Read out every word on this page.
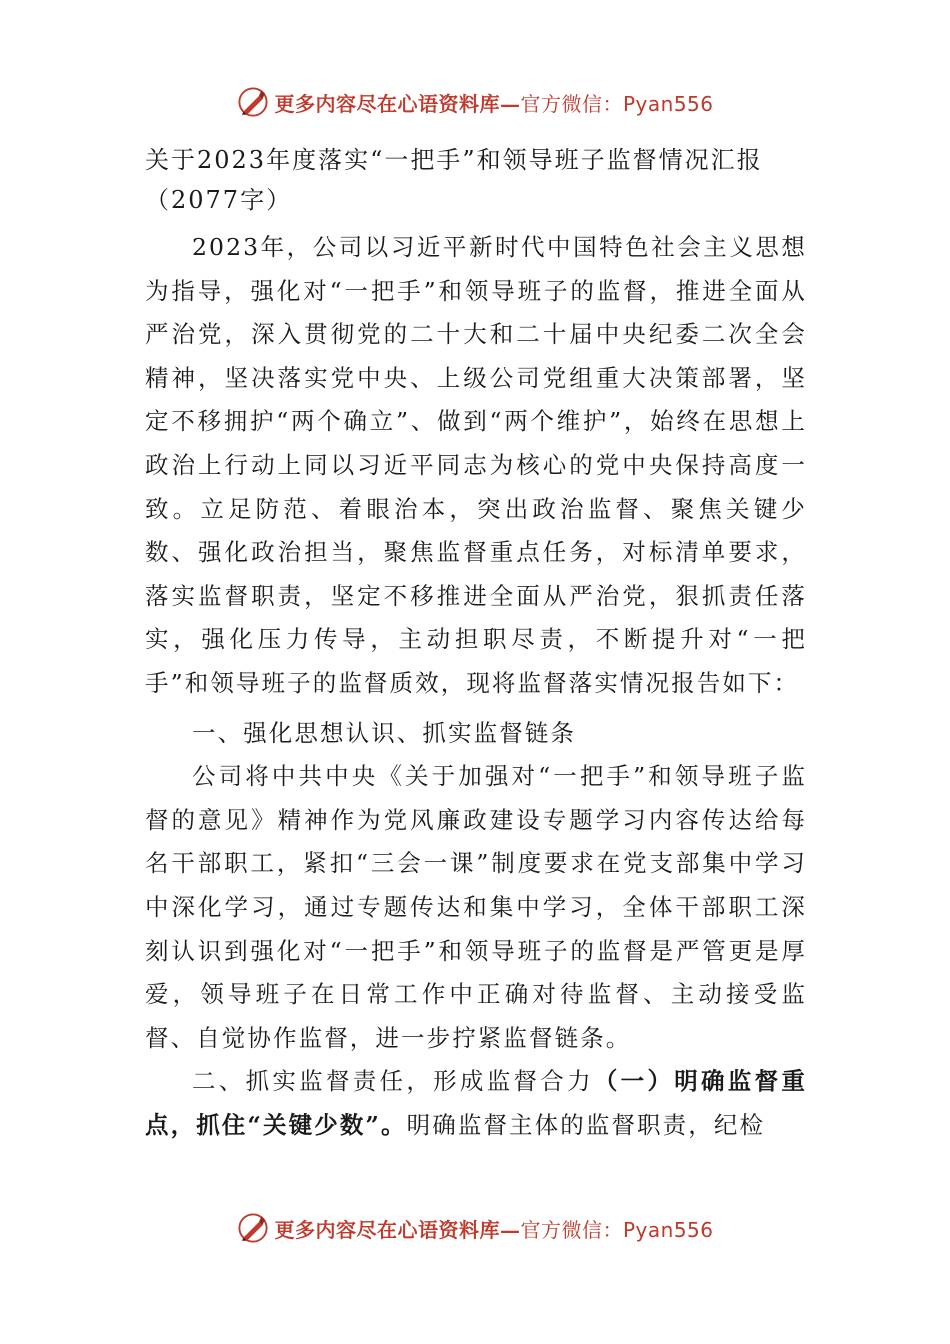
更多内容尽在心语资料库—官方微信：Pyan556

关于2023年度落实“一把手”和领导班子监督情况汇报（2077字）

2023年，公司以习近平新时代中国特色社会主义思想为指导，强化对“一把手”和领导班子的监督，推进全面从严治党，深入贯彻党的二十大和二十届中央纪委二次全会精神，坚决落实党中央、上级公司党组重大决策部署，坚定不移拥护“两个确立”、做到“两个维护”，始终在思想上政治上行动上同以习近平同志为核心的党中央保持高度一致。立足防范、着眼治本，突出政治监督、聚焦关键少数、强化政治担当，聚焦监督重点任务，对标清单要求，落实监督职责，坚定不移推进全面从严治党，狠抓责任落实，强化压力传导，主动担职尽责，不断提升对“一把手”和领导班子的监督质效，现将监督落实情况报告如下：

一、强化思想认识、抓实监督链条

公司将中共中央《关于加强对“一把手”和领导班子监督的意见》精神作为党风廉政建设专题学习内容传达给每名干部职工，紧扣“三会一课”制度要求在党支部集中学习中深化学习，通过专题传达和集中学习，全体干部职工深刻认识到强化对“一把手”和领导班子的监督是严管更是厚爱，领导班子在日常工作中正确对待监督、主动接受监督、自觉协作监督，进一步拧紧监督链条。

二、抓实监督责任，形成监督合力（一）明确监督重点，抓住“关键少数”。明确监督主体的监督职责，纪检

更多内容尽在心语资料库—官方微信：Pyan556
